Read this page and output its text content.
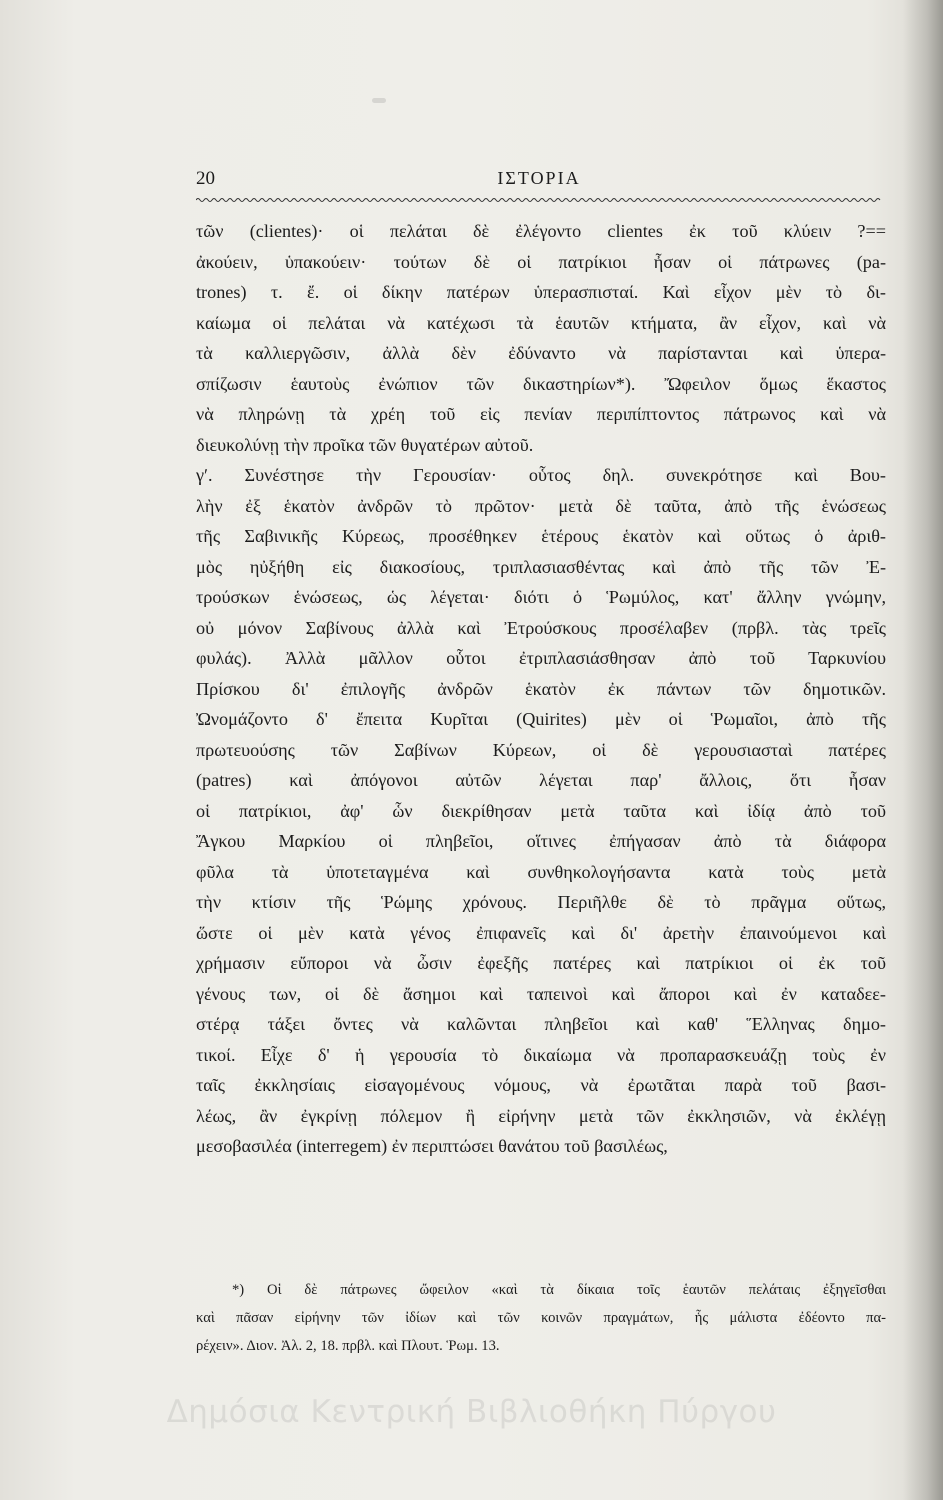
20	ΙΣΤΟΡΙΑ

τῶν (clientes)· οἱ πελάται δὲ ἐλέγοντο clientes ἐκ τοῦ κλύειν ?==

ἀκούειν, ὑπακούειν· τούτων δὲ οἱ πατρίκιοι ἦσαν οἱ πάτρωνες (pa-

trones) τ. ἔ. οἱ δίκην πατέρων ὑπερασπισταί. Καὶ εἶχον μὲν τὸ δι-

καίωμα οἱ πελάται νὰ κατέχωσι τὰ ἑαυτῶν κτήματα, ἂν εἶχον, καὶ νὰ

τὰ καλλιεργῶσιν, ἀλλὰ δὲν ἐδύναντο νὰ παρίστανται καὶ ὑπερα-

σπίζωσιν ἑαυτοὺς ἐνώπιον τῶν δικαστηρίων*). Ὤφειλον ὅμως ἕκαστος

νὰ πληρώνῃ τὰ χρέη τοῦ εἰς πενίαν περιπίπτοντος πάτρωνος καὶ νὰ

διευκολύνῃ τὴν προῖκα τῶν θυγατέρων αὐτοῦ.

γʹ. Συνέστησε τὴν Γερουσίαν· οὗτος δηλ. συνεκρότησε καὶ Βου-

λὴν ἐξ ἑκατὸν ἀνδρῶν τὸ πρῶτον· μετὰ δὲ ταῦτα, ἀπὸ τῆς ἑνώσεως

τῆς Σαβινικῆς Κύρεως, προσέθηκεν ἑτέρους ἑκατὸν καὶ οὕτως ὁ ἀριθ-

μὸς ηὐξήθη εἰς διακοσίους, τριπλασιασθέντας καὶ ἀπὸ τῆς τῶν Ἐ-

τρούσκων ἑνώσεως, ὡς λέγεται· διότι ὁ Ῥωμύλος, κατ' ἄλλην γνώμην,

οὐ μόνον Σαβίνους ἀλλὰ καὶ Ἐτρούσκους προσέλαβεν (πρβλ. τὰς τρεῖς

φυλάς). Ἀλλὰ μᾶλλον οὗτοι ἐτριπλασιάσθησαν ἀπὸ τοῦ Ταρκυνίου

Πρίσκου δι' ἐπιλογῆς ἀνδρῶν ἑκατὸν ἐκ πάντων τῶν δημοτικῶν.

Ὠνομάζοντο δ' ἔπειτα Κυρῖται (Quirites) μὲν οἱ Ῥωμαῖοι, ἀπὸ τῆς

πρωτευούσης τῶν Σαβίνων Κύρεων, οἱ δὲ γερουσιασταὶ πατέρες

(patres) καὶ ἀπόγονοι αὐτῶν λέγεται παρ' ἄλλοις, ὅτι ἦσαν

οἱ πατρίκιοι, ἀφ' ὧν διεκρίθησαν μετὰ ταῦτα καὶ ἰδίᾳ ἀπὸ τοῦ

Ἄγκου Μαρκίου οἱ πληβεῖοι, οἵτινες ἐπήγασαν ἀπὸ τὰ διάφορα

φῦλα τὰ ὑποτεταγμένα καὶ συνθηκολογήσαντα κατὰ τοὺς μετὰ

τὴν κτίσιν τῆς Ῥώμης χρόνους. Περιῆλθε δὲ τὸ πρᾶγμα οὕτως,

ὥστε οἱ μὲν κατὰ γένος ἐπιφανεῖς καὶ δι' ἀρετὴν ἐπαινούμενοι καὶ

χρήμασιν εὔποροι νὰ ὦσιν ἐφεξῆς πατέρες καὶ πατρίκιοι οἱ ἐκ τοῦ

γένους των, οἱ δὲ ἄσημοι καὶ ταπεινοὶ καὶ ἄποροι καὶ ἐν καταδεε-

στέρᾳ τάξει ὄντες νὰ καλῶνται πληβεῖοι καὶ καθ' Ἕλληνας δημο-

τικοί. Εἶχε δ' ἡ γερουσία τὸ δικαίωμα νὰ προπαρασκευάζῃ τοὺς ἐν

ταῖς ἐκκλησίαις εἰσαγομένους νόμους, νὰ ἐρωτᾶται παρὰ τοῦ βασι-

λέως, ἂν ἐγκρίνῃ πόλεμον ἢ εἰρήνην μετὰ τῶν ἐκκλησιῶν, νὰ ἐκλέγῃ

μεσοβασιλέα (interregem) ἐν περιπτώσει θανάτου τοῦ βασιλέως,

*) Οἱ δὲ πάτρωνες ὤφειλον «καὶ τὰ δίκαια τοῖς ἑαυτῶν πελάταις ἐξηγεῖσθαι

καὶ πᾶσαν εἰρήνην τῶν ἰδίων καὶ τῶν κοινῶν πραγμάτων, ἧς μάλιστα ἐδέοντο πα-

ρέχειν». Διον. Ἀλ. 2, 18. πρβλ. καὶ Πλουτ. Ῥωμ. 13.

Δημόσια Κεντρική Βιβλιοθήκη Πύργου
